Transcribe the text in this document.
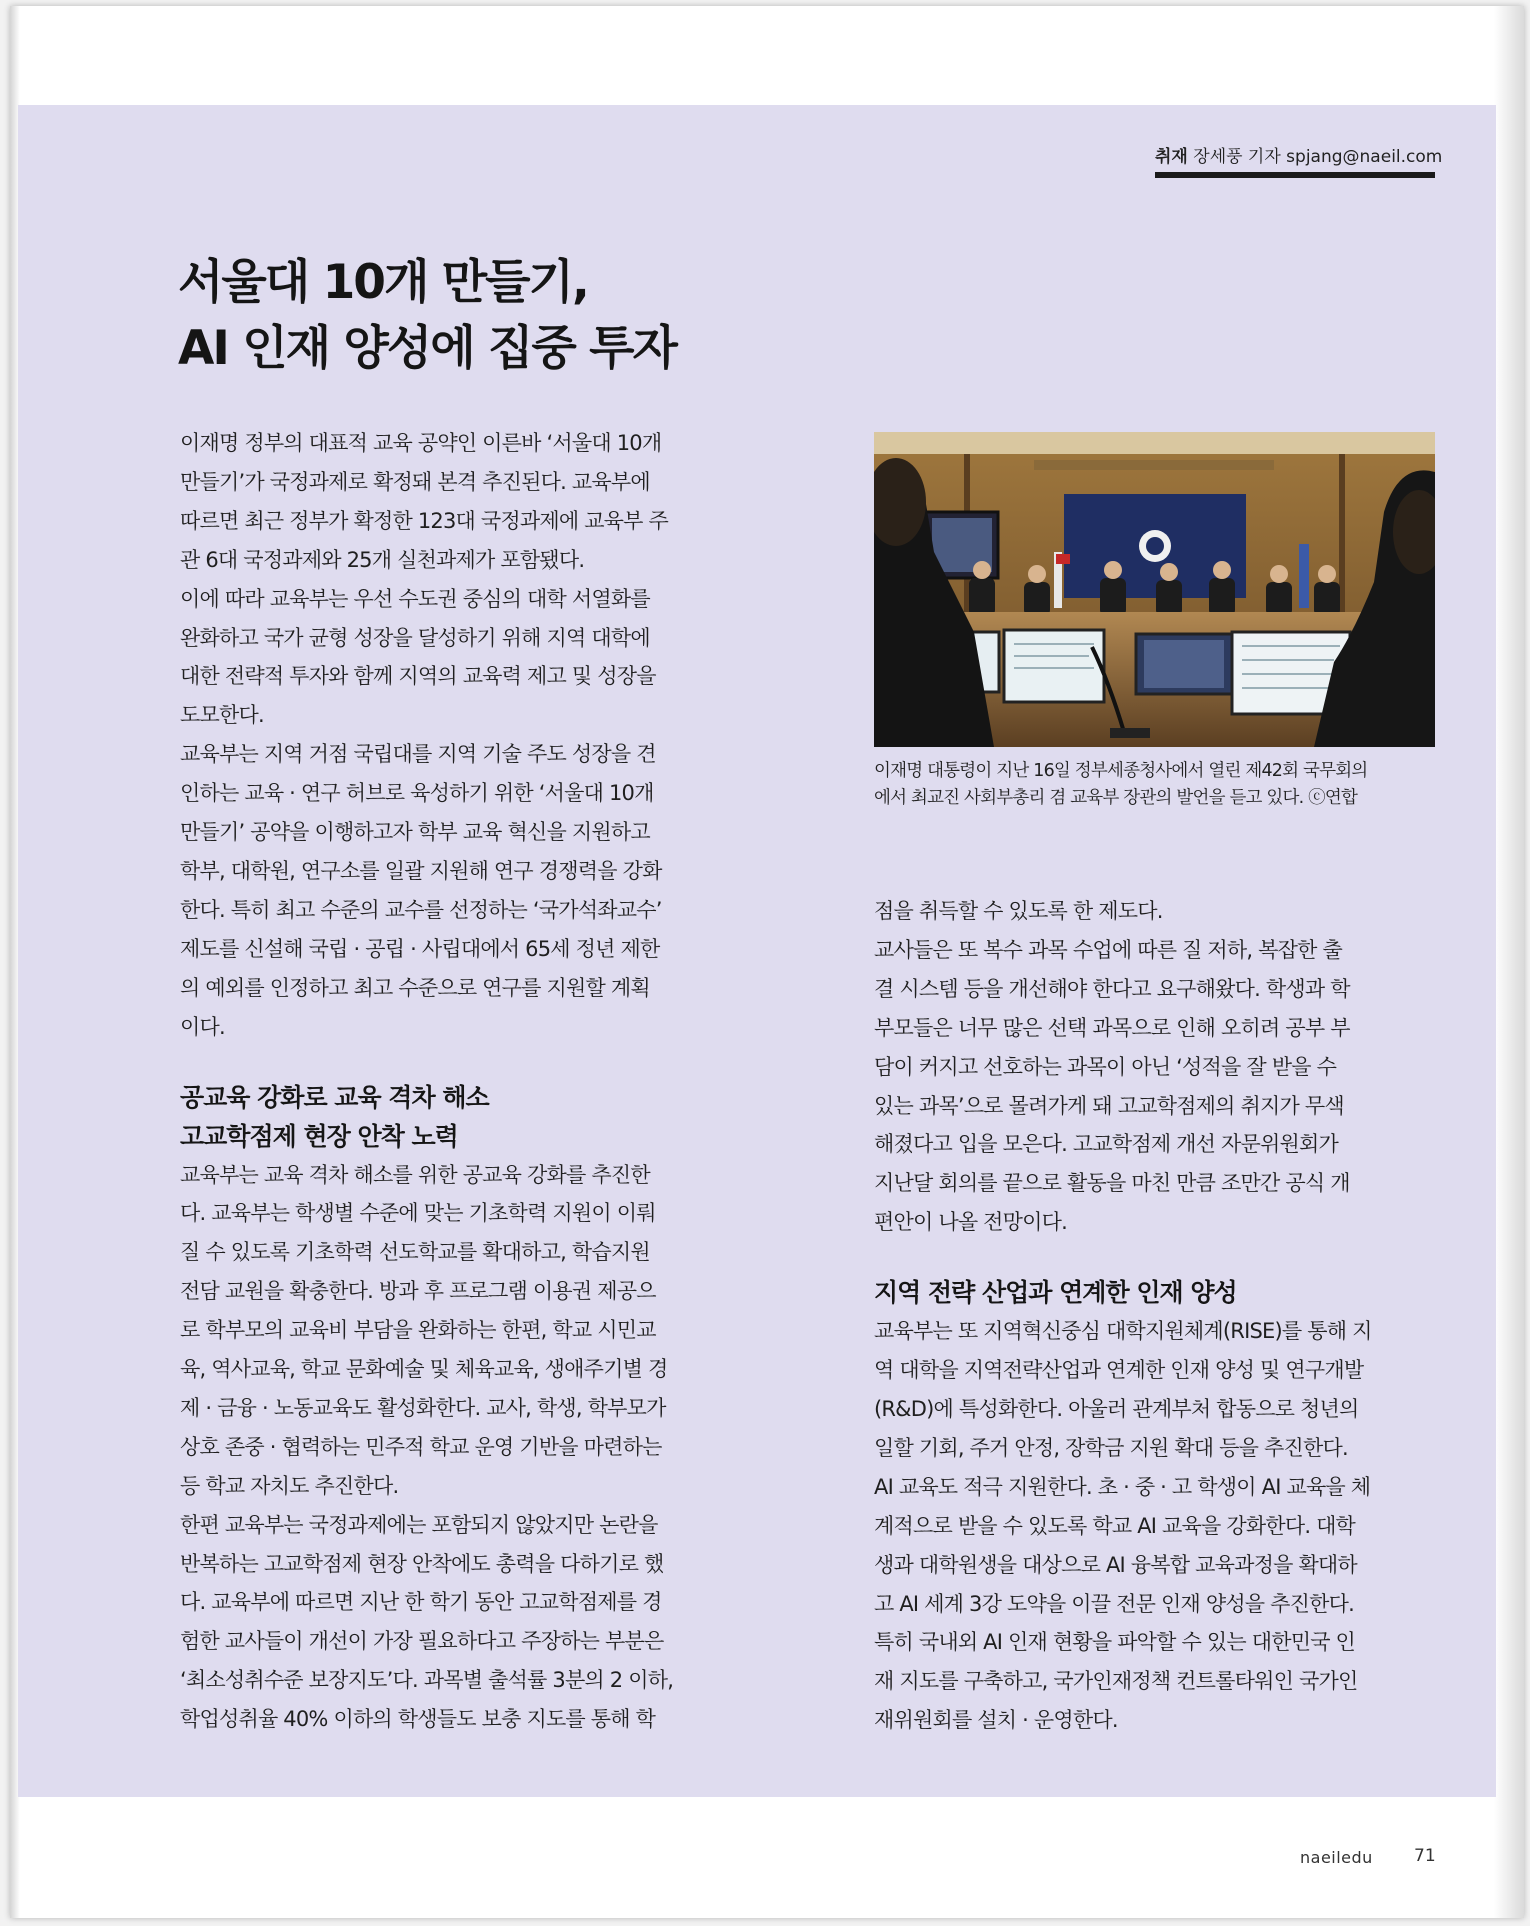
취재 장세풍 기자 spjang@naeil.com
서울대 10개 만들기,
AI 인재 양성에 집중 투자

이재명 정부의 대표적 교육 공약인 이른바 ‘서울대 10개
만들기’가 국정과제로 확정돼 본격 추진된다. 교육부에
따르면 최근 정부가 확정한 123대 국정과제에 교육부 주
관 6대 국정과제와 25개 실천과제가 포함됐다.

이에 따라 교육부는 우선 수도권 중심의 대학 서열화를
완화하고 국가 균형 성장을 달성하기 위해 지역 대학에
대한 전략적 투자와 함께 지역의 교육력 제고 및 성장을
도모한다.

교육부는 지역 거점 국립대를 지역 기술 주도 성장을 견
인하는 교육 · 연구 허브로 육성하기 위한 ‘서울대 10개
만들기’ 공약을 이행하고자 학부 교육 혁신을 지원하고
학부, 대학원, 연구소를 일괄 지원해 연구 경쟁력을 강화
한다. 특히 최고 수준의 교수를 선정하는 ‘국가석좌교수’
제도를 신설해 국립 · 공립 · 사립대에서 65세 정년 제한
의 예외를 인정하고 최고 수준으로 연구를 지원할 계획
이다.

공교육 강화로 교육 격차 해소
고교학점제 현장 안착 노력

교육부는 교육 격차 해소를 위한 공교육 강화를 추진한
다. 교육부는 학생별 수준에 맞는 기초학력 지원이 이뤄
질 수 있도록 기초학력 선도학교를 확대하고, 학습지원
전담 교원을 확충한다. 방과 후 프로그램 이용권 제공으
로 학부모의 교육비 부담을 완화하는 한편, 학교 시민교
육, 역사교육, 학교 문화예술 및 체육교육, 생애주기별 경
제 · 금융 · 노동교육도 활성화한다. 교사, 학생, 학부모가
상호 존중 · 협력하는 민주적 학교 운영 기반을 마련하는
등 학교 자치도 추진한다.

한편 교육부는 국정과제에는 포함되지 않았지만 논란을
반복하는 고교학점제 현장 안착에도 총력을 다하기로 했
다. 교육부에 따르면 지난 한 학기 동안 고교학점제를 경
험한 교사들이 개선이 가장 필요하다고 주장하는 부분은
‘최소성취수준 보장지도’다. 과목별 출석률 3분의 2 이하,
학업성취율 40% 이하의 학생들도 보충 지도를 통해 학

이재명 대통령이 지난 16일 정부세종청사에서 열린 제42회 국무회의
에서 최교진 사회부총리 겸 교육부 장관의 발언을 듣고 있다. ⓒ연합

점을 취득할 수 있도록 한 제도다.

교사들은 또 복수 과목 수업에 따른 질 저하, 복잡한 출
결 시스템 등을 개선해야 한다고 요구해왔다. 학생과 학
부모들은 너무 많은 선택 과목으로 인해 오히려 공부 부
담이 커지고 선호하는 과목이 아닌 ‘성적을 잘 받을 수
있는 과목’으로 몰려가게 돼 고교학점제의 취지가 무색
해졌다고 입을 모은다. 고교학점제 개선 자문위원회가
지난달 회의를 끝으로 활동을 마친 만큼 조만간 공식 개
편안이 나올 전망이다.

지역 전략 산업과 연계한 인재 양성

교육부는 또 지역혁신중심 대학지원체계(RISE)를 통해 지
역 대학을 지역전략산업과 연계한 인재 양성 및 연구개발
(R&D)에 특성화한다. 아울러 관계부처 합동으로 청년의
일할 기회, 주거 안정, 장학금 지원 확대 등을 추진한다.

AI 교육도 적극 지원한다. 초 · 중 · 고 학생이 AI 교육을 체
계적으로 받을 수 있도록 학교 AI 교육을 강화한다. 대학
생과 대학원생을 대상으로 AI 융복합 교육과정을 확대하
고 AI 세계 3강 도약을 이끌 전문 인재 양성을 추진한다.
특히 국내외 AI 인재 현황을 파악할 수 있는 대한민국 인
재 지도를 구축하고, 국가인재정책 컨트롤타워인 국가인
재위원회를 설치 · 운영한다.

naeiledu 71
